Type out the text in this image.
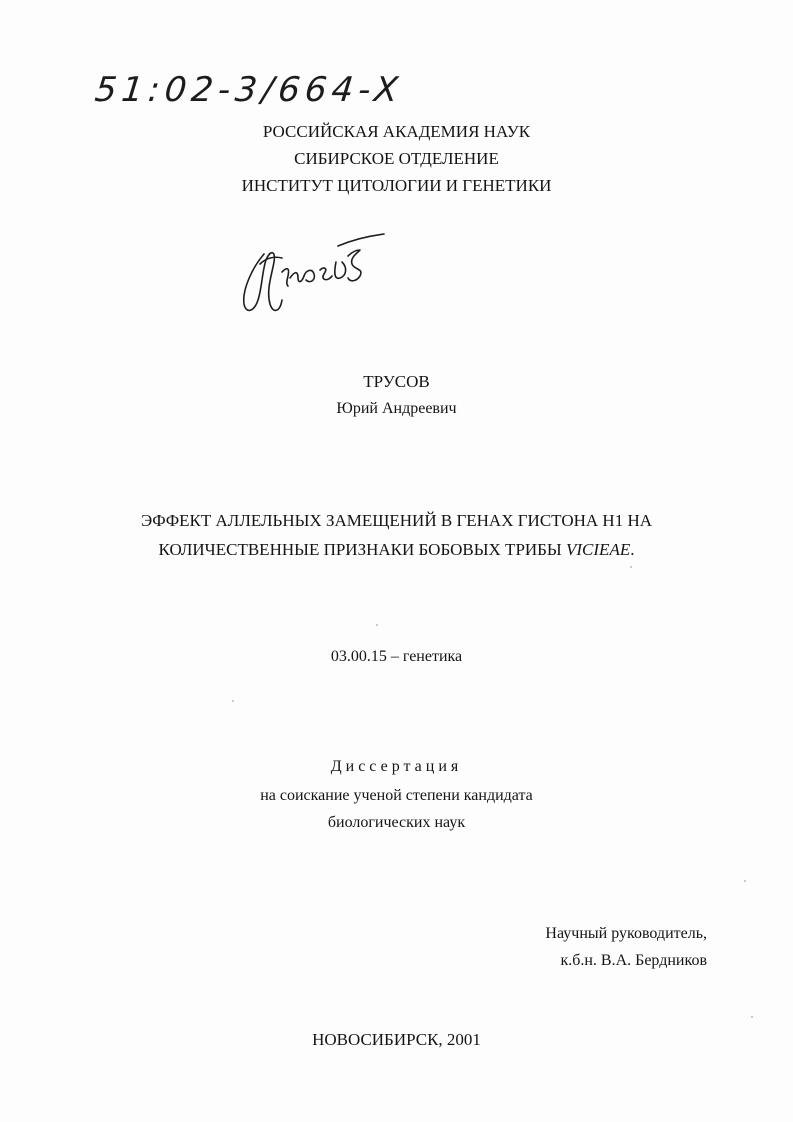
51:02-3/664-X
РОССИЙСКАЯ АКАДЕМИЯ НАУК
СИБИРСКОЕ ОТДЕЛЕНИЕ
ИНСТИТУТ ЦИТОЛОГИИ И ГЕНЕТИКИ
ТРУСОВ
Юрий Андреевич
ЭФФЕКТ АЛЛЕЛЬНЫХ ЗАМЕЩЕНИЙ В ГЕНАХ ГИСТОНА Н1 НА
КОЛИЧЕСТВЕННЫЕ ПРИЗНАКИ БОБОВЫХ ТРИБЫ VICIEAE.
03.00.15 – генетика
Диссертация
на соискание ученой степени кандидата
биологических наук
Научный руководитель,
к.б.н. В.А. Бердников
НОВОСИБИРСК, 2001
